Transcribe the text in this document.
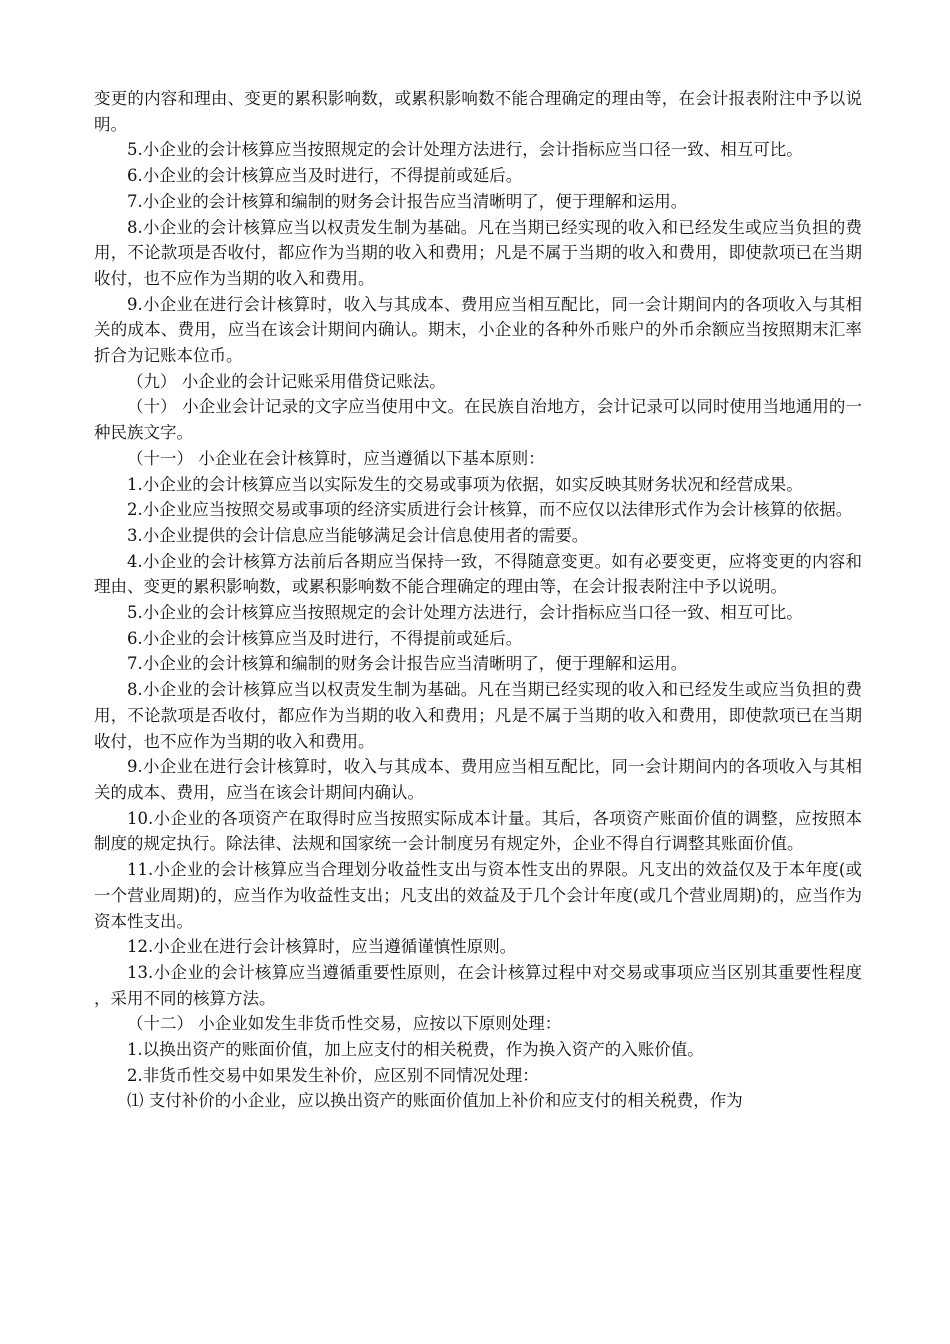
变更的内容和理由、变更的累积影响数，或累积影响数不能合理确定的理由等，在会计报表附注中予以说明。

5.小企业的会计核算应当按照规定的会计处理方法进行，会计指标应当口径一致、相互可比。

6.小企业的会计核算应当及时进行，不得提前或延后。

7.小企业的会计核算和编制的财务会计报告应当清晰明了，便于理解和运用。

8.小企业的会计核算应当以权责发生制为基础。凡在当期已经实现的收入和已经发生或应当负担的费用，不论款项是否收付，都应作为当期的收入和费用；凡是不属于当期的收入和费用，即使款项已在当期收付，也不应作为当期的收入和费用。

9.小企业在进行会计核算时，收入与其成本、费用应当相互配比，同一会计期间内的各项收入与其相关的成本、费用，应当在该会计期间内确认。期末，小企业的各种外币账户的外币余额应当按照期末汇率折合为记账本位币。

（九） 小企业的会计记账采用借贷记账法。

（十） 小企业会计记录的文字应当使用中文。在民族自治地方，会计记录可以同时使用当地通用的一种民族文字。

（十一） 小企业在会计核算时，应当遵循以下基本原则：

1.小企业的会计核算应当以实际发生的交易或事项为依据，如实反映其财务状况和经营成果。

2.小企业应当按照交易或事项的经济实质进行会计核算，而不应仅以法律形式作为会计核算的依据。

3.小企业提供的会计信息应当能够满足会计信息使用者的需要。

4.小企业的会计核算方法前后各期应当保持一致，不得随意变更。如有必要变更，应将变更的内容和理由、变更的累积影响数，或累积影响数不能合理确定的理由等，在会计报表附注中予以说明。

5.小企业的会计核算应当按照规定的会计处理方法进行，会计指标应当口径一致、相互可比。

6.小企业的会计核算应当及时进行，不得提前或延后。

7.小企业的会计核算和编制的财务会计报告应当清晰明了，便于理解和运用。

8.小企业的会计核算应当以权责发生制为基础。凡在当期已经实现的收入和已经发生或应当负担的费用，不论款项是否收付，都应作为当期的收入和费用；凡是不属于当期的收入和费用，即使款项已在当期收付，也不应作为当期的收入和费用。

9.小企业在进行会计核算时，收入与其成本、费用应当相互配比，同一会计期间内的各项收入与其相关的成本、费用，应当在该会计期间内确认。

10.小企业的各项资产在取得时应当按照实际成本计量。其后，各项资产账面价值的调整，应按照本制度的规定执行。除法律、法规和国家统一会计制度另有规定外，企业不得自行调整其账面价值。

11.小企业的会计核算应当合理划分收益性支出与资本性支出的界限。凡支出的效益仅及于本年度(或一个营业周期)的，应当作为收益性支出；凡支出的效益及于几个会计年度(或几个营业周期)的，应当作为资本性支出。

12.小企业在进行会计核算时，应当遵循谨慎性原则。

13.小企业的会计核算应当遵循重要性原则，在会计核算过程中对交易或事项应当区别其重要性程度，采用不同的核算方法。

（十二） 小企业如发生非货币性交易，应按以下原则处理：

1.以换出资产的账面价值，加上应支付的相关税费，作为换入资产的入账价值。

2.非货币性交易中如果发生补价，应区别不同情况处理：

⑴ 支付补价的小企业，应以换出资产的账面价值加上补价和应支付的相关税费，作为
